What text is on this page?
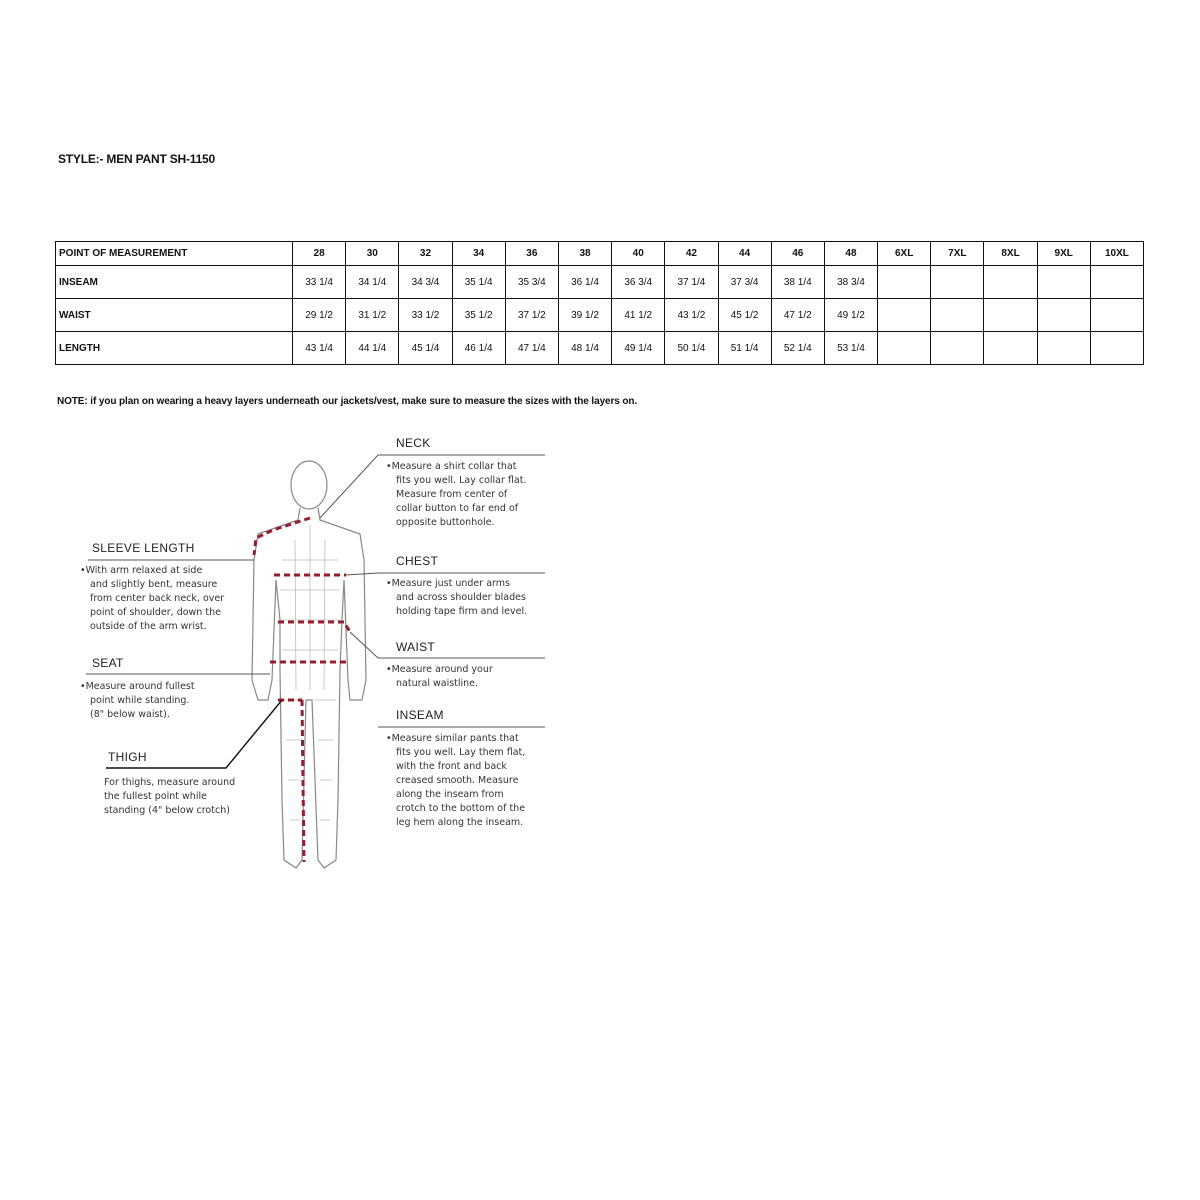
STYLE:- MEN PANT SH-1150
POINT OF MEASUREMENT	28	30	32	34	36	38	40	42	44	46	48	6XL	7XL	8XL	9XL	10XL
INSEAM	33 1/4	34 1/4	34 3/4	35 1/4	35 3/4	36 1/4	36 3/4	37 1/4	37 3/4	38 1/4	38 3/4					
WAIST	29 1/2	31 1/2	33 1/2	35 1/2	37 1/2	39 1/2	41 1/2	43 1/2	45 1/2	47 1/2	49 1/2					
LENGTH	43 1/4	44 1/4	45 1/4	46 1/4	47 1/4	48 1/4	49 1/4	50 1/4	51 1/4	52 1/4	53 1/4					
NOTE: if you plan on wearing a heavy layers underneath our jackets/vest, make sure to measure the sizes with the layers on.
NECK
• Measure a shirt collar that
fits you well. Lay collar flat.
Measure from center of
collar button to far end of
opposite buttonhole.
SLEEVE LENGTH
• With arm relaxed at side
and slightly bent, measure
from center back neck, over
point of shoulder, down the
outside of the arm wrist.
CHEST
• Measure just under arms
and across shoulder blades
holding tape firm and level.
SEAT
• Measure around fullest
point while standing.
(8" below waist).
WAIST
• Measure around your
natural waistline.
THIGH
For thighs, measure around
the fullest point while
standing (4" below crotch)
INSEAM
• Measure similar pants that
fits you well. Lay them flat,
with the front and back
creased smooth. Measure
along the inseam from
crotch to the bottom of the
leg hem along the inseam.
